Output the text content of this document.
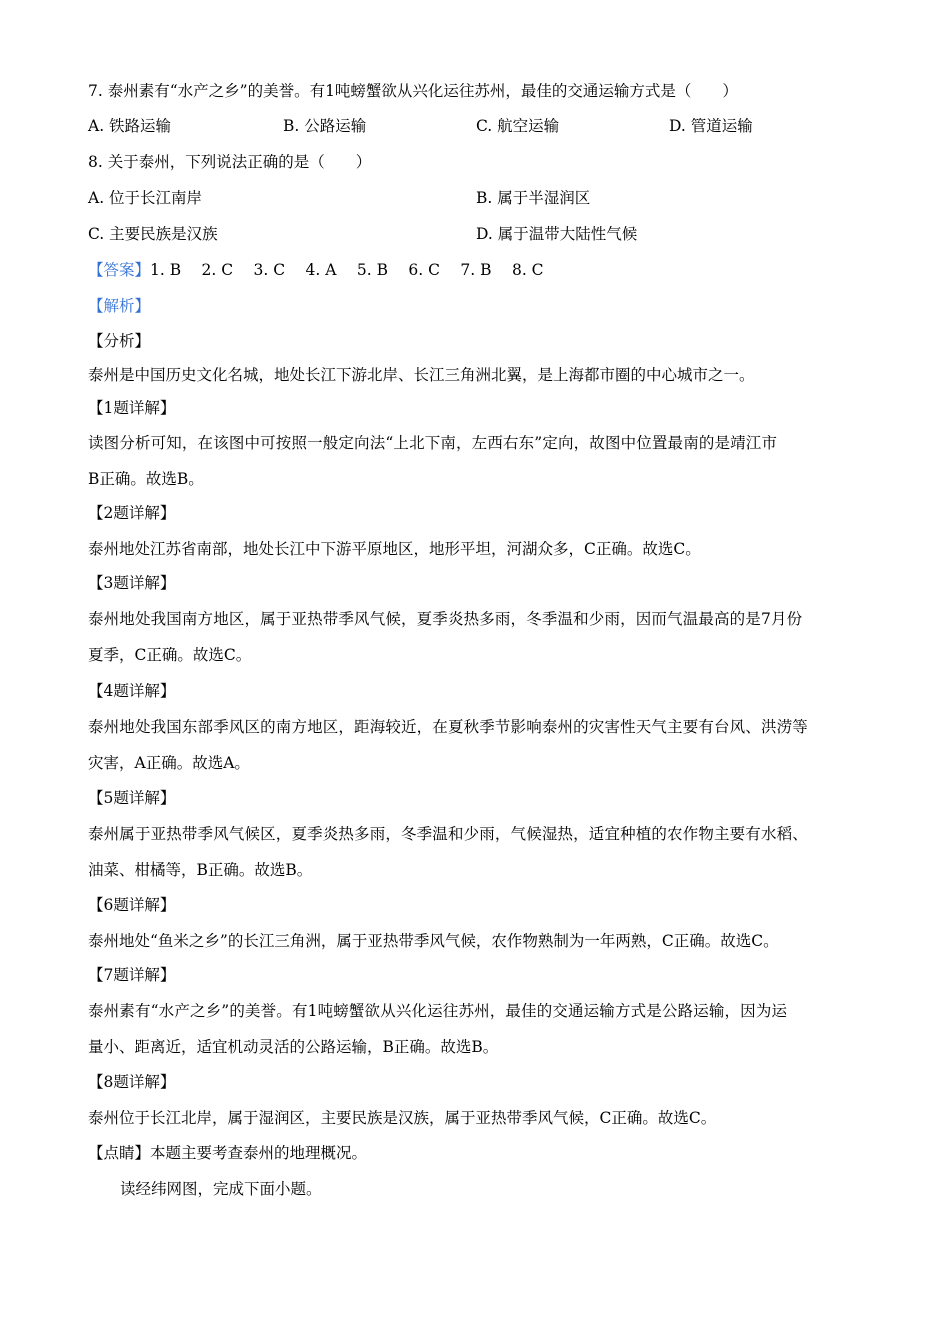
7. 泰州素有“水产之乡”的美誉。有1吨螃蟹欲从兴化运往苏州，最佳的交通运输方式是（　　）
A. 铁路运输	B. 公路运输	C. 航空运输	D. 管道运输
8. 关于泰州，下列说法正确的是（　　）
A. 位于长江南岸	B. 属于半湿润区
C. 主要民族是汉族	D. 属于温带大陆性气候
【答案】1. B　 2. C　 3. C　 4. A　 5. B　 6. C　 7. B　 8. C
【解析】
【分析】
泰州是中国历史文化名城，地处长江下游北岸、长江三角洲北翼，是上海都市圈的中心城市之一。
【1题详解】
读图分析可知，在该图中可按照一般定向法“上北下南，左西右东”定向，故图中位置最南的是靖江市
B正确。故选B。
【2题详解】
泰州地处江苏省南部，地处长江中下游平原地区，地形平坦，河湖众多，C正确。故选C。
【3题详解】
泰州地处我国南方地区，属于亚热带季风气候，夏季炎热多雨，冬季温和少雨，因而气温最高的是7月份
夏季，C正确。故选C。
【4题详解】
泰州地处我国东部季风区的南方地区，距海较近，在夏秋季节影响泰州的灾害性天气主要有台风、洪涝等
灾害，A正确。故选A。
【5题详解】
泰州属于亚热带季风气候区，夏季炎热多雨，冬季温和少雨，气候湿热，适宜种植的农作物主要有水稻、
油菜、柑橘等，B正确。故选B。
【6题详解】
泰州地处“鱼米之乡”的长江三角洲，属于亚热带季风气候，农作物熟制为一年两熟，C正确。故选C。
【7题详解】
泰州素有“水产之乡”的美誉。有1吨螃蟹欲从兴化运往苏州，最佳的交通运输方式是公路运输，因为运
量小、距离近，适宜机动灵活的公路运输，B正确。故选B。
【8题详解】
泰州位于长江北岸，属于湿润区，主要民族是汉族，属于亚热带季风气候，C正确。故选C。
【点睛】本题主要考查泰州的地理概况。
读经纬网图，完成下面小题。
